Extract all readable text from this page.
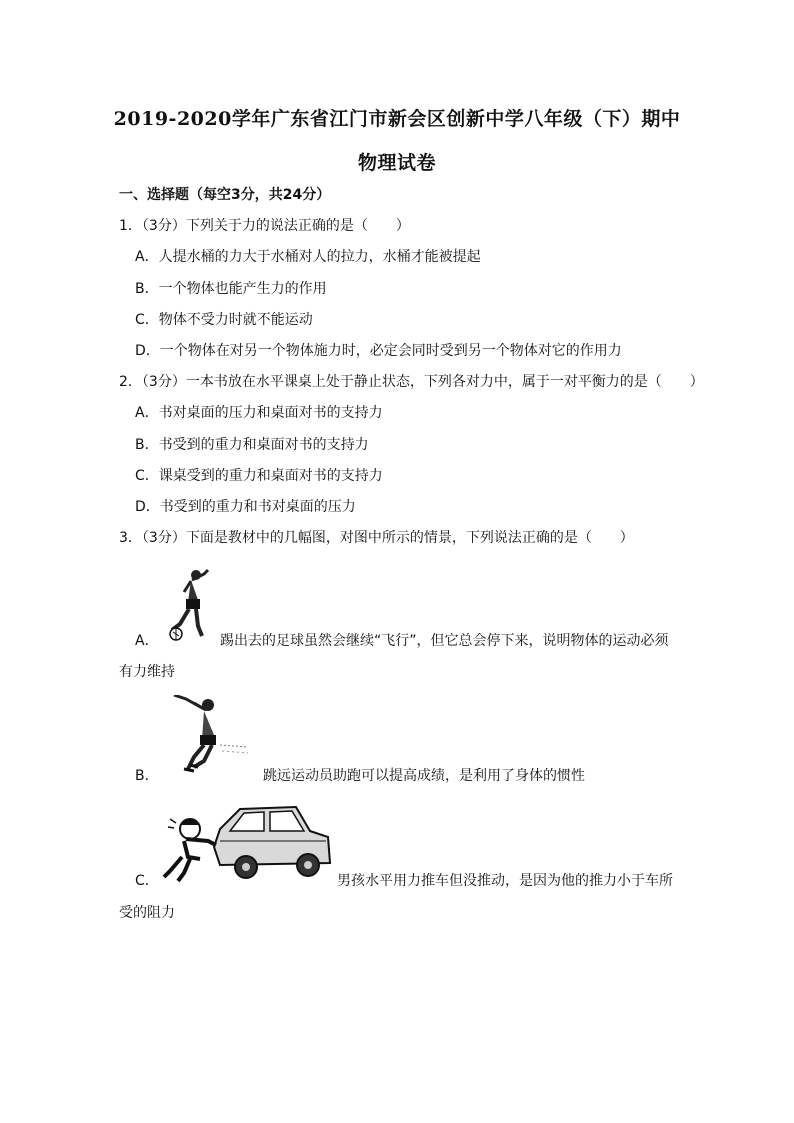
2019-2020学年广东省江门市新会区创新中学八年级（下）期中
物理试卷
一、选择题（每空3分，共24分）
1．（3分）下列关于力的说法正确的是（　　）
A．人提水桶的力大于水桶对人的拉力，水桶才能被提起
B．一个物体也能产生力的作用
C．物体不受力时就不能运动
D．一个物体在对另一个物体施力时，必定会同时受到另一个物体对它的作用力
2．（3分）一本书放在水平课桌上处于静止状态，下列各对力中，属于一对平衡力的是（　　）
A．书对桌面的压力和桌面对书的支持力
B．书受到的重力和桌面对书的支持力
C．课桌受到的重力和桌面对书的支持力
D．书受到的重力和书对桌面的压力
3．（3分）下面是教材中的几幅图，对图中所示的情景，下列说法正确的是（　　）
A．	踢出去的足球虽然会继续“飞行”，但它总会停下来，说明物体的运动必须
有力维持
B．	跳远运动员助跑可以提高成绩，是利用了身体的惯性
C．	男孩水平用力推车但没推动，是因为他的推力小于车所
受的阻力
